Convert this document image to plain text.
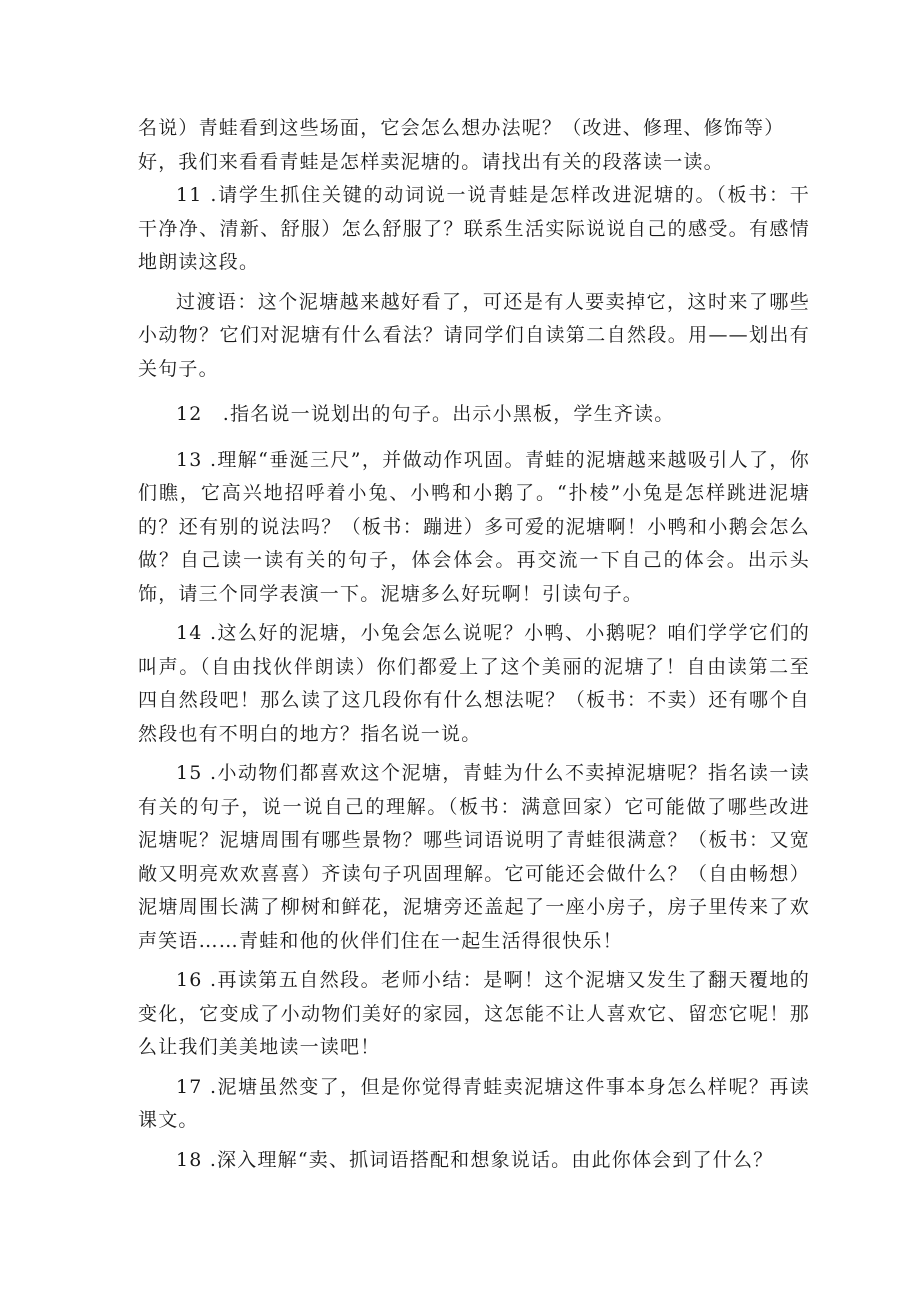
名说）青蛙看到这些场面，它会怎么想办法呢？（改进、修理、修饰等）

好，我们来看看青蛙是怎样卖泥塘的。请找出有关的段落读一读。

11 .请学生抓住关键的动词说一说青蛙是怎样改进泥塘的。（板书：干干净净、清新、舒服）怎么舒服了？联系生活实际说说自己的感受。有感情地朗读这段。

过渡语：这个泥塘越来越好看了，可还是有人要卖掉它，这时来了哪些小动物？它们对泥塘有什么看法？请同学们自读第二自然段。用——划出有关句子。

12　.指名说一说划出的句子。出示小黑板，学生齐读。

13 .理解“垂涎三尺”，并做动作巩固。青蛙的泥塘越来越吸引人了，你们瞧，它高兴地招呼着小兔、小鸭和小鹅了。“扑棱”小兔是怎样跳进泥塘的？还有别的说法吗？（板书：蹦进）多可爱的泥塘啊！小鸭和小鹅会怎么做？自己读一读有关的句子，体会体会。再交流一下自己的体会。出示头饰，请三个同学表演一下。泥塘多么好玩啊！引读句子。

14 .这么好的泥塘，小兔会怎么说呢？小鸭、小鹅呢？咱们学学它们的叫声。（自由找伙伴朗读）你们都爱上了这个美丽的泥塘了！自由读第二至四自然段吧！那么读了这几段你有什么想法呢？（板书：不卖）还有哪个自然段也有不明白的地方？指名说一说。

15 .小动物们都喜欢这个泥塘，青蛙为什么不卖掉泥塘呢？指名读一读有关的句子，说一说自己的理解。（板书：满意回家）它可能做了哪些改进泥塘呢？泥塘周围有哪些景物？哪些词语说明了青蛙很满意？（板书：又宽敞又明亮欢欢喜喜）齐读句子巩固理解。它可能还会做什么？（自由畅想）泥塘周围长满了柳树和鲜花，泥塘旁还盖起了一座小房子，房子里传来了欢声笑语……青蛙和他的伙伴们住在一起生活得很快乐！

16 .再读第五自然段。老师小结：是啊！这个泥塘又发生了翻天覆地的变化，它变成了小动物们美好的家园，这怎能不让人喜欢它、留恋它呢！那么让我们美美地读一读吧！

17 .泥塘虽然变了，但是你觉得青蛙卖泥塘这件事本身怎么样呢？再读课文。

18 .深入理解“卖、抓词语搭配和想象说话。由此你体会到了什么？
